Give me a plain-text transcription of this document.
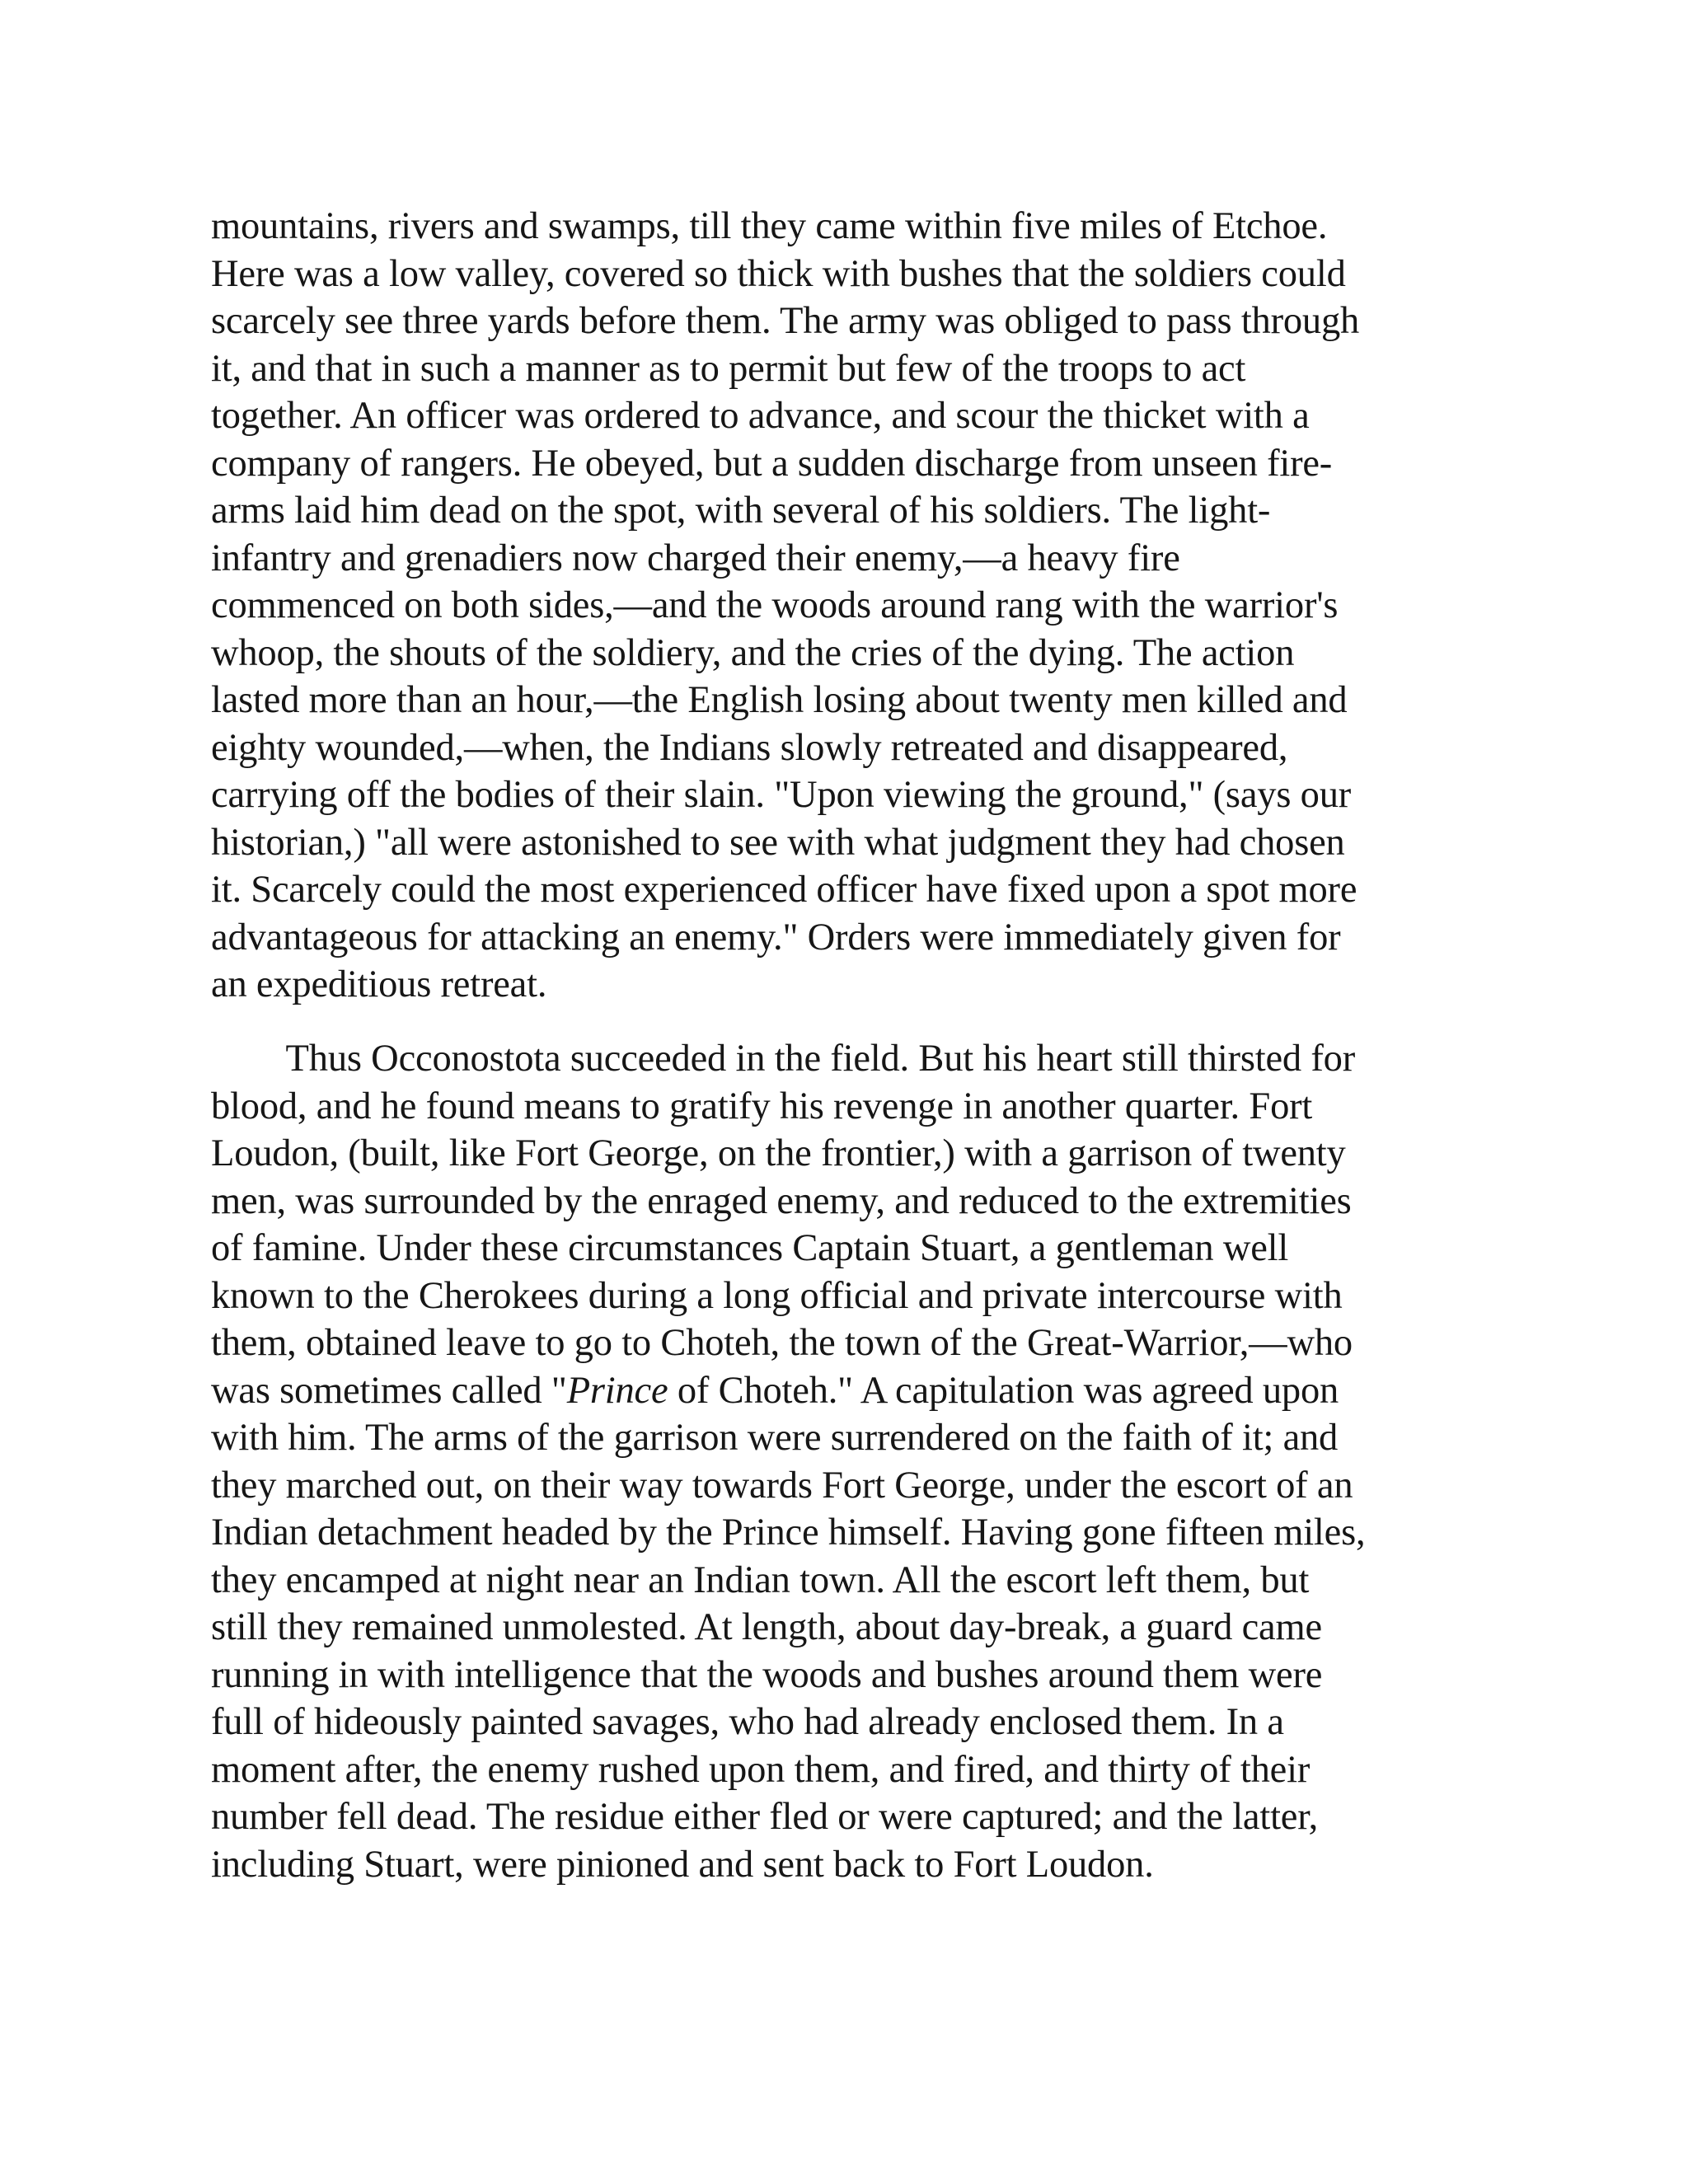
mountains, rivers and swamps, till they came within five miles of Etchoe.
Here was a low valley, covered so thick with bushes that the soldiers could
scarcely see three yards before them. The army was obliged to pass through
it, and that in such a manner as to permit but few of the troops to act
together. An officer was ordered to advance, and scour the thicket with a
company of rangers. He obeyed, but a sudden discharge from unseen fire-
arms laid him dead on the spot, with several of his soldiers. The light-
infantry and grenadiers now charged their enemy,—a heavy fire
commenced on both sides,—and the woods around rang with the warrior's
whoop, the shouts of the soldiery, and the cries of the dying. The action
lasted more than an hour,—the English losing about twenty men killed and
eighty wounded,—when, the Indians slowly retreated and disappeared,
carrying off the bodies of their slain. "Upon viewing the ground," (says our
historian,) "all were astonished to see with what judgment they had chosen
it. Scarcely could the most experienced officer have fixed upon a spot more
advantageous for attacking an enemy." Orders were immediately given for
an expeditious retreat.
Thus Occonostota succeeded in the field. But his heart still thirsted for
blood, and he found means to gratify his revenge in another quarter. Fort
Loudon, (built, like Fort George, on the frontier,) with a garrison of twenty
men, was surrounded by the enraged enemy, and reduced to the extremities
of famine. Under these circumstances Captain Stuart, a gentleman well
known to the Cherokees during a long official and private intercourse with
them, obtained leave to go to Choteh, the town of the Great-Warrior,—who
was sometimes called "Prince of Choteh." A capitulation was agreed upon
with him. The arms of the garrison were surrendered on the faith of it; and
they marched out, on their way towards Fort George, under the escort of an
Indian detachment headed by the Prince himself. Having gone fifteen miles,
they encamped at night near an Indian town. All the escort left them, but
still they remained unmolested. At length, about day-break, a guard came
running in with intelligence that the woods and bushes around them were
full of hideously painted savages, who had already enclosed them. In a
moment after, the enemy rushed upon them, and fired, and thirty of their
number fell dead. The residue either fled or were captured; and the latter,
including Stuart, were pinioned and sent back to Fort Loudon.
